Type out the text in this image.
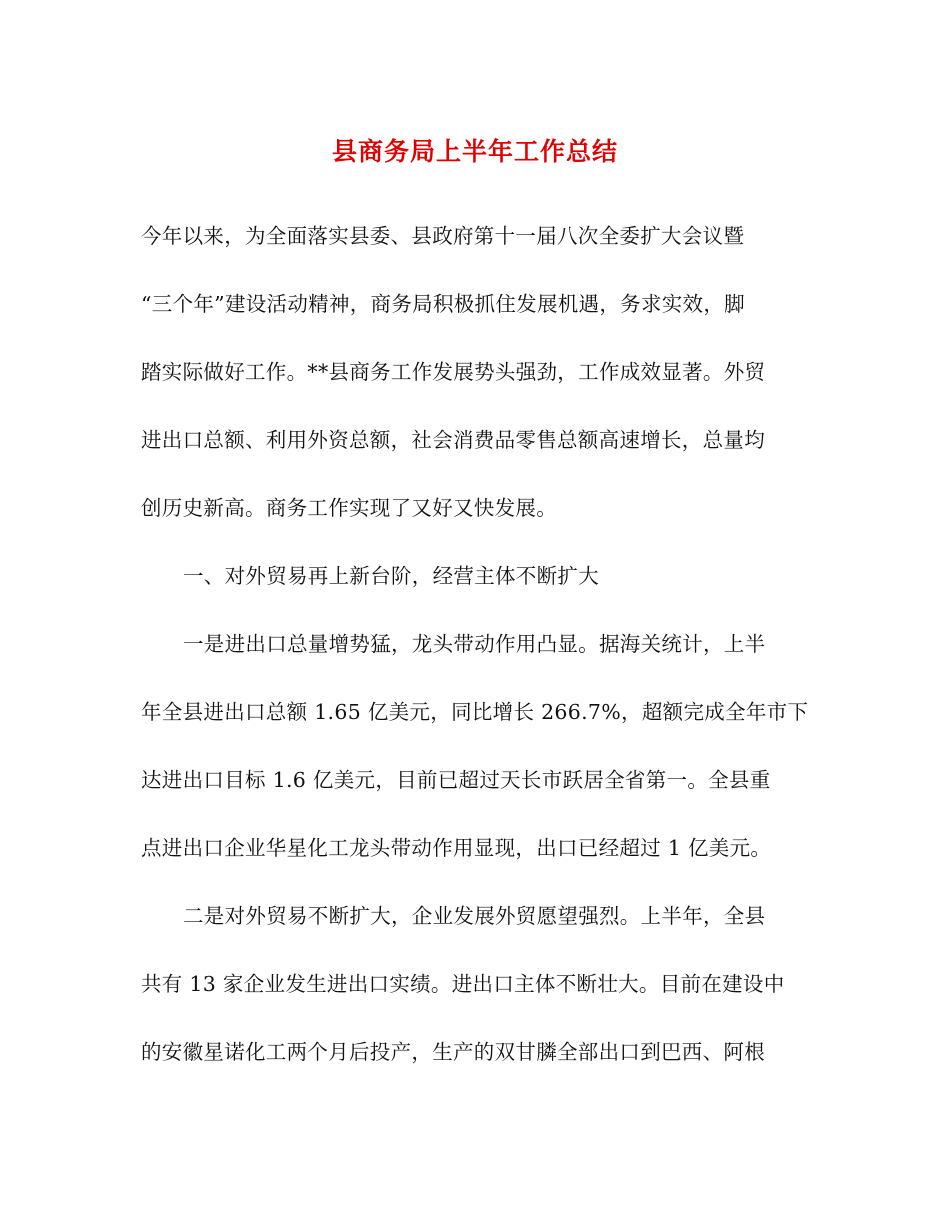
县商务局上半年工作总结
今年以来，为全面落实县委、县政府第十一届八次全委扩大会议暨
“三个年”建设活动精神，商务局积极抓住发展机遇，务求实效，脚
踏实际做好工作。**县商务工作发展势头强劲，工作成效显著。外贸
进出口总额、利用外资总额，社会消费品零售总额高速增长，总量均
创历史新高。商务工作实现了又好又快发展。
一、对外贸易再上新台阶，经营主体不断扩大
一是进出口总量增势猛，龙头带动作用凸显。据海关统计，上半
年全县进出口总额 1.65 亿美元，同比增长 266.7%，超额完成全年市下
达进出口目标 1.6 亿美元，目前已超过天长市跃居全省第一。全县重
点进出口企业华星化工龙头带动作用显现，出口已经超过 1 亿美元。
二是对外贸易不断扩大，企业发展外贸愿望强烈。上半年，全县
共有 13 家企业发生进出口实绩。进出口主体不断壮大。目前在建设中
的安徽星诺化工两个月后投产，生产的双甘膦全部出口到巴西、阿根
